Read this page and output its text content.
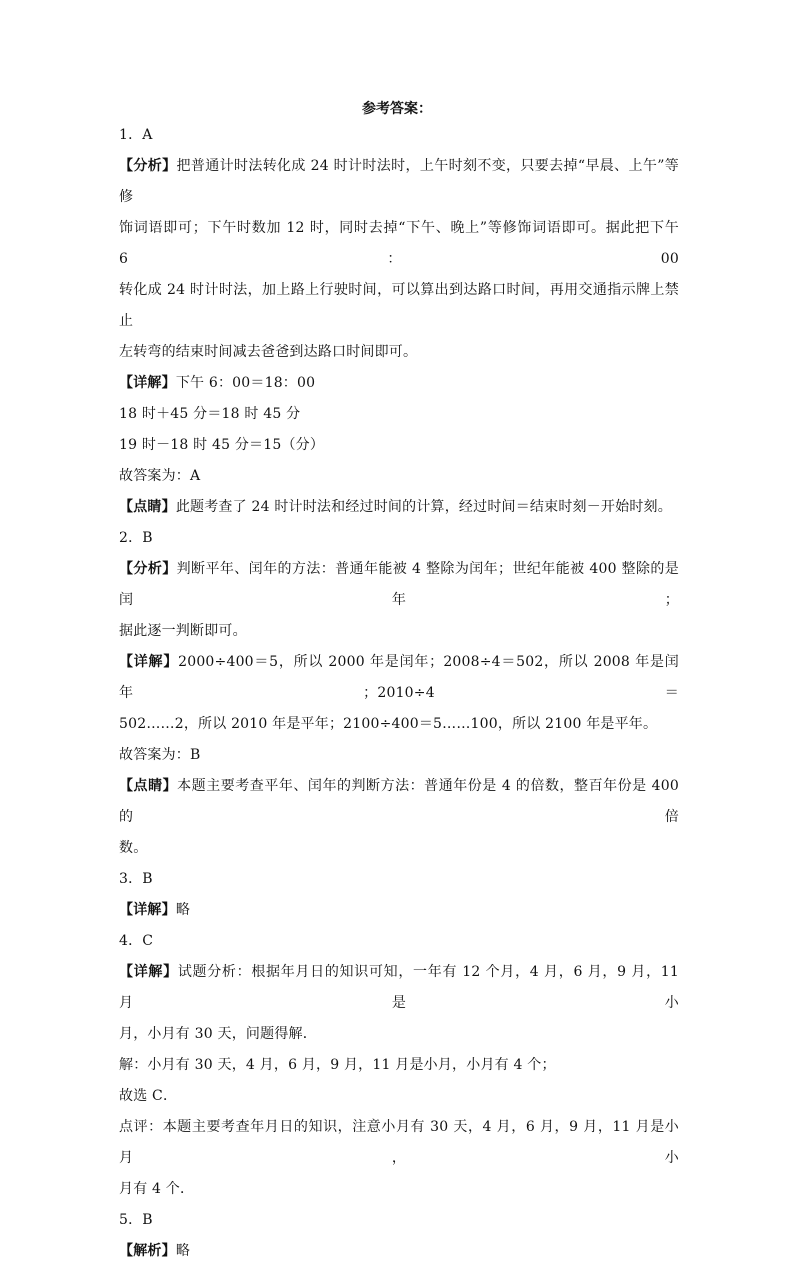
参考答案：
1．A
【分析】把普通计时法转化成 24 时计时法时，上午时刻不变，只要去掉“早晨、上午”等修
饰词语即可；下午时数加 12 时，同时去掉“下午、晚上”等修饰词语即可。据此把下午 6：00
转化成 24 时计时法，加上路上行驶时间，可以算出到达路口时间，再用交通指示牌上禁止
左转弯的结束时间减去爸爸到达路口时间即可。
【详解】下午 6：00＝18：00
18 时＋45 分＝18 时 45 分
19 时－18 时 45 分＝15（分）
故答案为：A
【点睛】此题考查了 24 时计时法和经过时间的计算，经过时间＝结束时刻－开始时刻。
2．B
【分析】判断平年、闰年的方法：普通年能被 4 整除为闰年；世纪年能被 400 整除的是闰年；
据此逐一判断即可。
【详解】2000÷400＝5，所以 2000 年是闰年；2008÷4＝502，所以 2008 年是闰年；2010÷4＝
502……2，所以 2010 年是平年；2100÷400＝5……100，所以 2100 年是平年。
故答案为：B
【点睛】本题主要考查平年、闰年的判断方法：普通年份是 4 的倍数，整百年份是 400 的倍
数。
3．B
【详解】略
4．C
【详解】试题分析：根据年月日的知识可知，一年有 12 个月，4 月，6 月，9 月，11 月是小
月，小月有 30 天，问题得解．
解：小月有 30 天，4 月，6 月，9 月，11 月是小月，小月有 4 个；
故选 C．
点评：本题主要考查年月日的知识，注意小月有 30 天，4 月，6 月，9 月，11 月是小月，小
月有 4 个．
5．B
【解析】略
